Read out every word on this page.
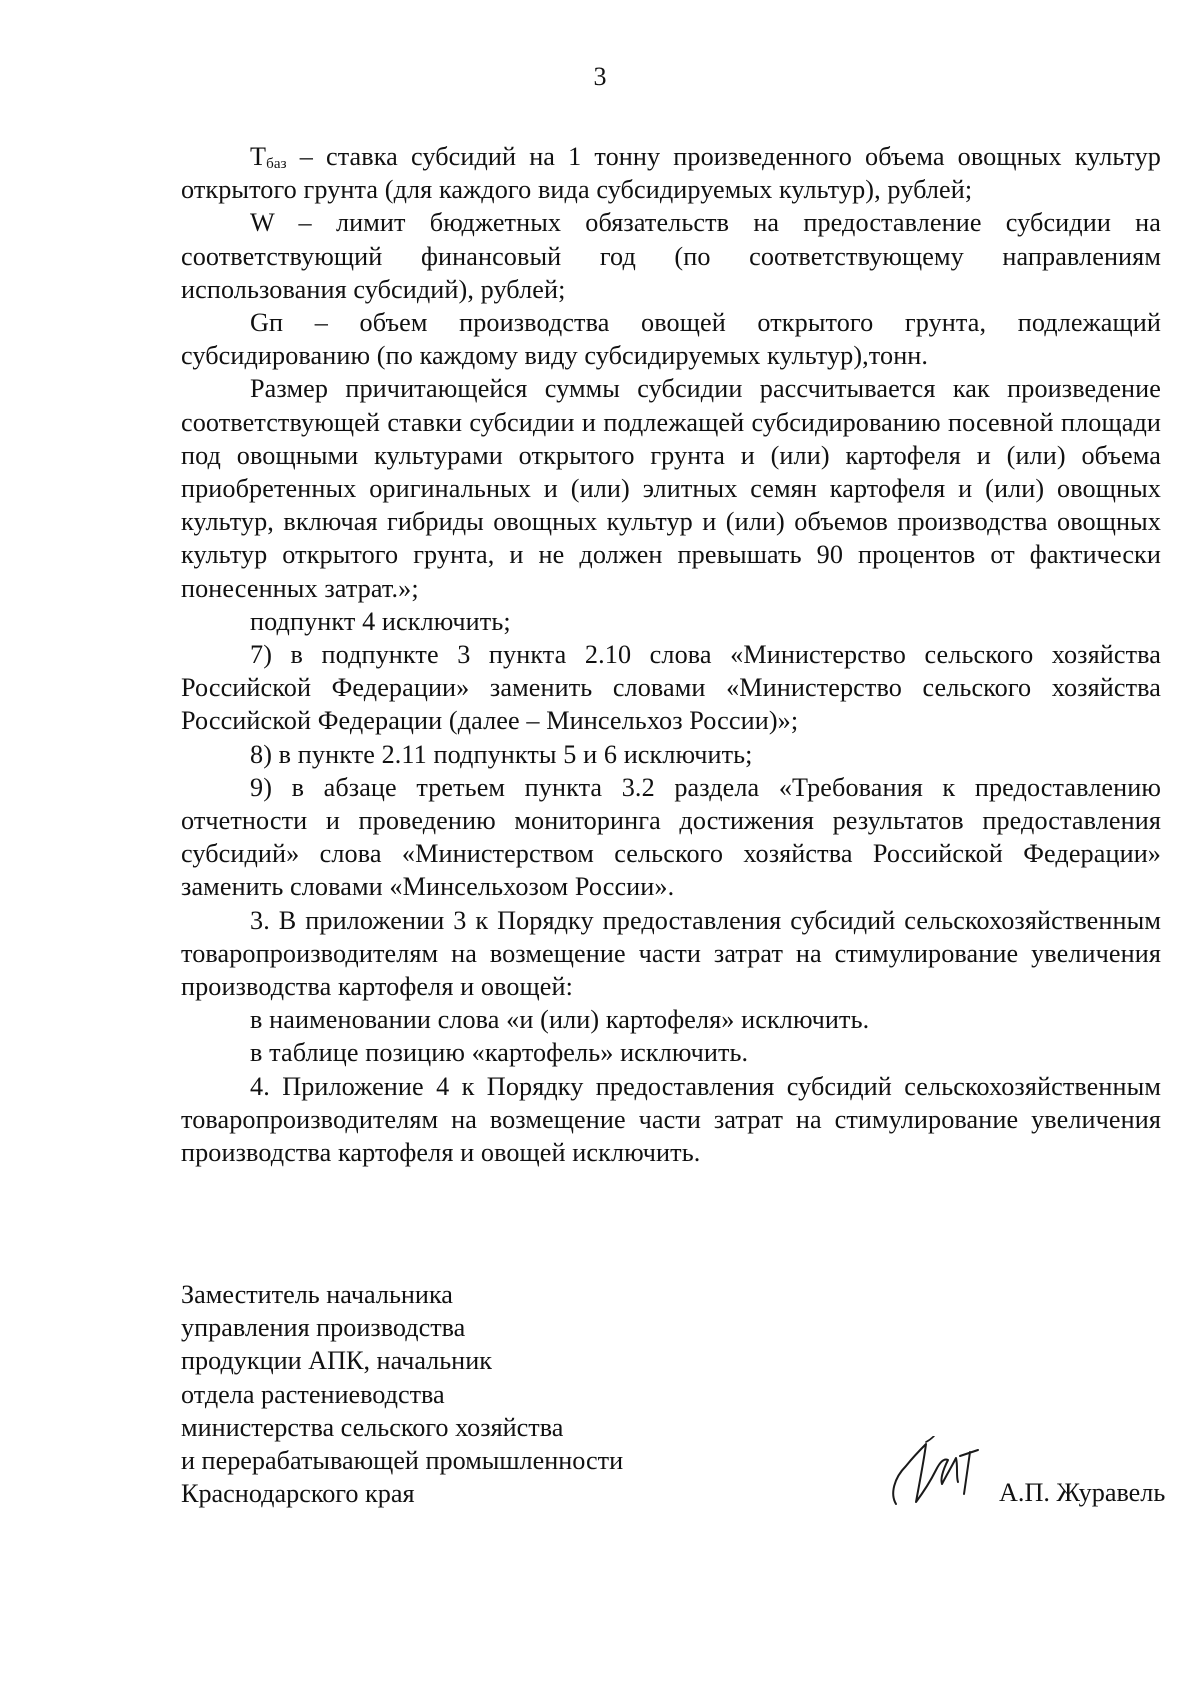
3

$T_{баз}$ – ставка субсидий на 1 тонну произведенного объема овощных культур открытого грунта (для каждого вида субсидируемых культур), рублей;

W – лимит бюджетных обязательств на предоставление субсидии на соответствующий финансовый год (по соответствующему направлениям использования субсидий), рублей;

Gп – объем производства овощей открытого грунта, подлежащий субсидированию (по каждому виду субсидируемых культур),тонн.

Размер причитающейся суммы субсидии рассчитывается как произведение соответствующей ставки субсидии и подлежащей субсидированию посевной площади под овощными культурами открытого грунта и (или) картофеля и (или) объема приобретенных оригинальных и (или) элитных семян картофеля и (или) овощных культур, включая гибриды овощных культур и (или) объемов производства овощных культур открытого грунта, и не должен превышать 90 процентов от фактически понесенных затрат.»;

подпункт 4 исключить;

7) в подпункте 3 пункта 2.10 слова «Министерство сельского хозяйства Российской Федерации» заменить словами «Министерство сельского хозяйства Российской Федерации (далее – Минсельхоз России)»;

8) в пункте 2.11 подпункты 5 и 6 исключить;

9) в абзаце третьем пункта 3.2 раздела «Требования к предоставлению отчетности и проведению мониторинга достижения результатов предоставления субсидий» слова «Министерством сельского хозяйства Российской Федерации» заменить словами «Минсельхозом России».

3. В приложении 3 к Порядку предоставления субсидий сельскохозяйственным товаропроизводителям на возмещение части затрат на стимулирование увеличения производства картофеля и овощей:

в наименовании слова «и (или) картофеля» исключить.

в таблице позицию «картофель» исключить.

4. Приложение 4 к Порядку предоставления субсидий сельскохозяйственным товаропроизводителям на возмещение части затрат на стимулирование увеличения производства картофеля и овощей исключить.

Заместитель начальника
управления производства
продукции АПК, начальник
отдела растениеводства
министерства сельского хозяйства
и перерабатывающей промышленности
Краснодарского края	А.П. Журавель
